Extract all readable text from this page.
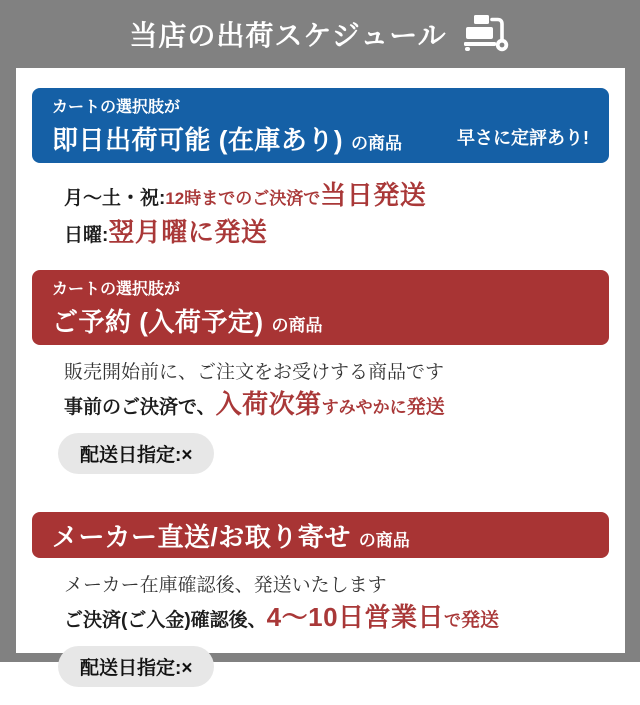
当店の出荷スケジュール
カートの選択肢が
即日出荷可能 (在庫あり) の商品	早さに定評あり!
月〜土・祝:12時までのご決済で当日発送
日曜:翌月曜に発送
カートの選択肢が
ご予約 (入荷予定) の商品
販売開始前に、ご注文をお受けする商品です
事前のご決済で、入荷次第すみやかに発送
配送日指定:×
メーカー直送/お取り寄せ の商品
メーカー在庫確認後、発送いたします
ご決済(ご入金)確認後、4〜10日営業日で発送
配送日指定:×
